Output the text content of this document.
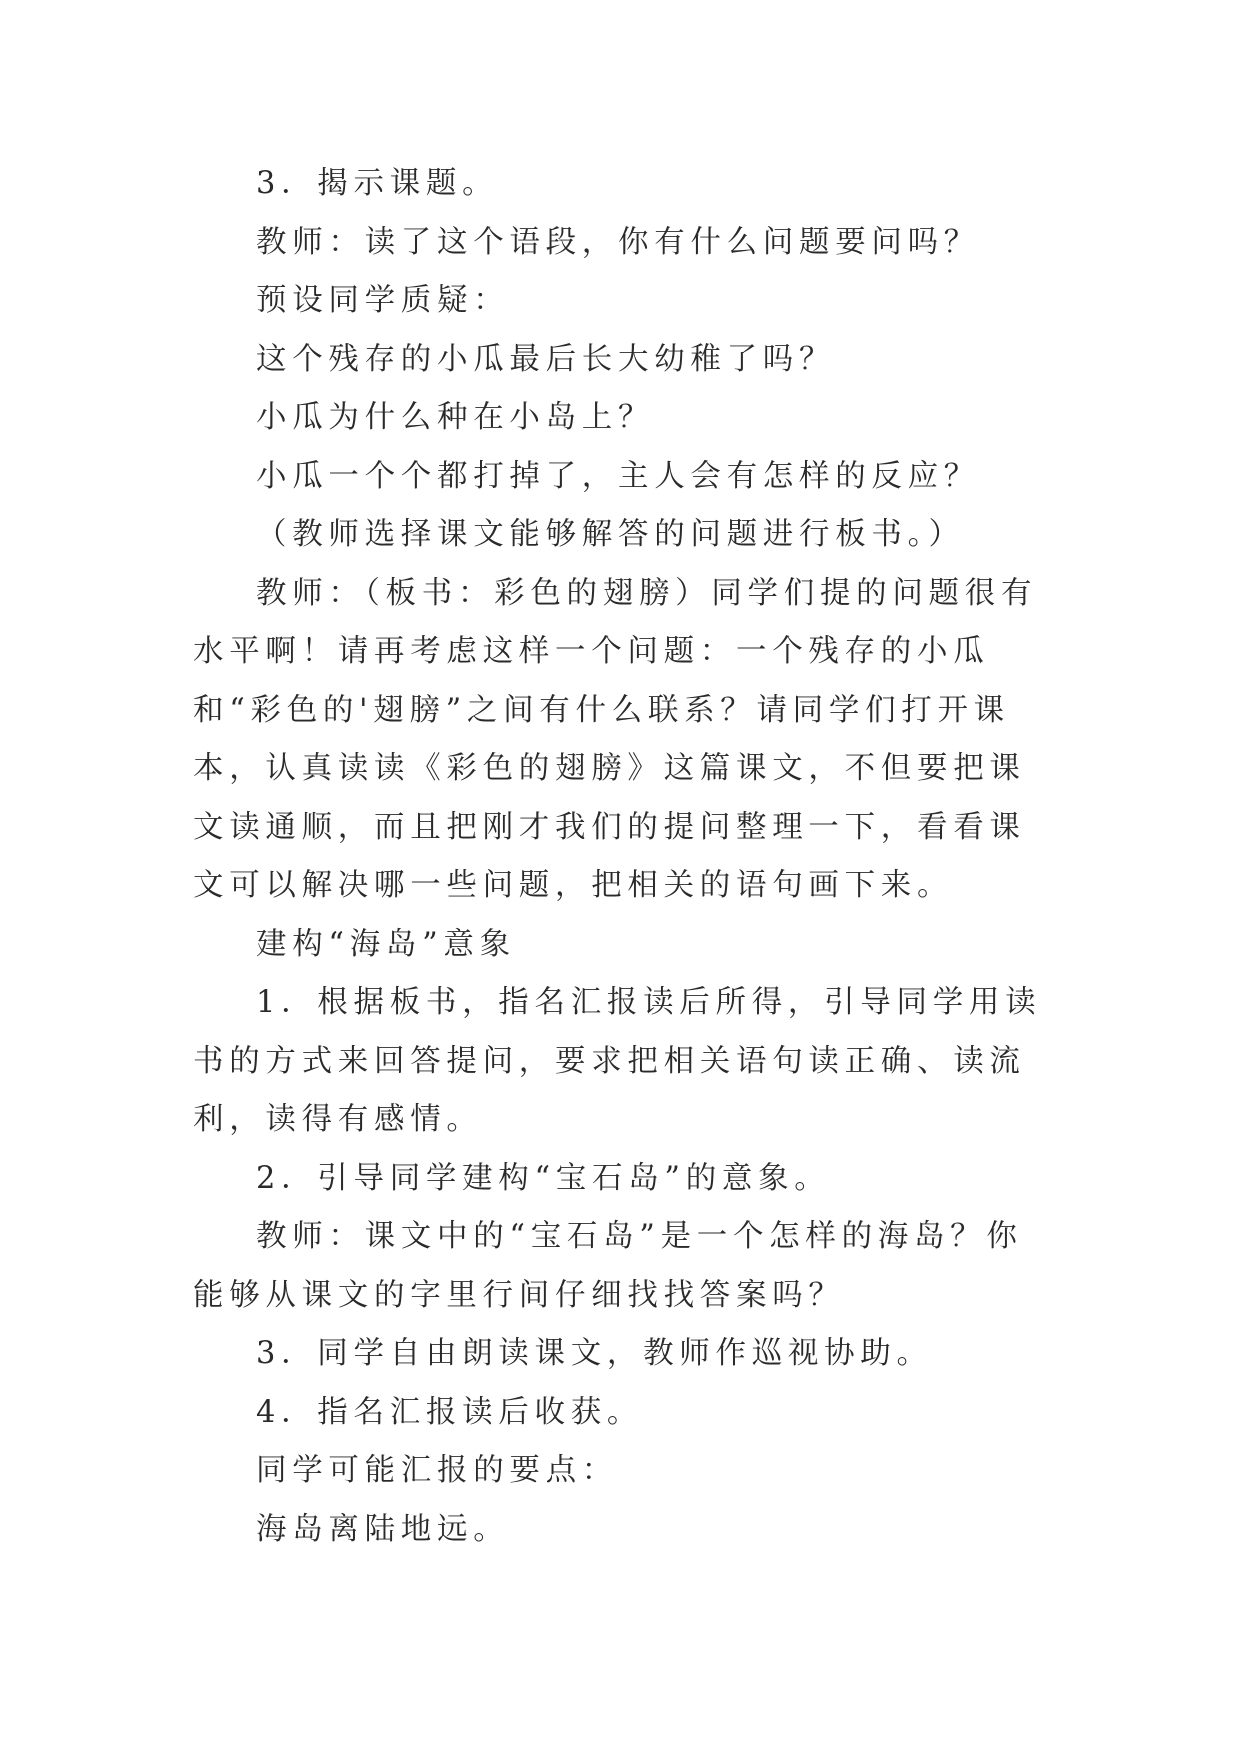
3．揭示课题。

教师：读了这个语段，你有什么问题要问吗？

预设同学质疑：

这个残存的小瓜最后长大幼稚了吗？

小瓜为什么种在小岛上？

小瓜一个个都打掉了，主人会有怎样的反应？

（教师选择课文能够解答的问题进行板书。）

教师：（板书：彩色的翅膀）同学们提的问题很有水平啊！请再考虑这样一个问题：一个残存的小瓜和“彩色的'翅膀”之间有什么联系？请同学们打开课本，认真读读《彩色的翅膀》这篇课文，不但要把课文读通顺，而且把刚才我们的提问整理一下，看看课文可以解决哪一些问题，把相关的语句画下来。

建构“海岛”意象

1．根据板书，指名汇报读后所得，引导同学用读书的方式来回答提问，要求把相关语句读正确、读流利，读得有感情。

2．引导同学建构“宝石岛”的意象。

教师：课文中的“宝石岛”是一个怎样的海岛？你能够从课文的字里行间仔细找找答案吗？

3．同学自由朗读课文，教师作巡视协助。

4．指名汇报读后收获。

同学可能汇报的要点：

海岛离陆地远。
